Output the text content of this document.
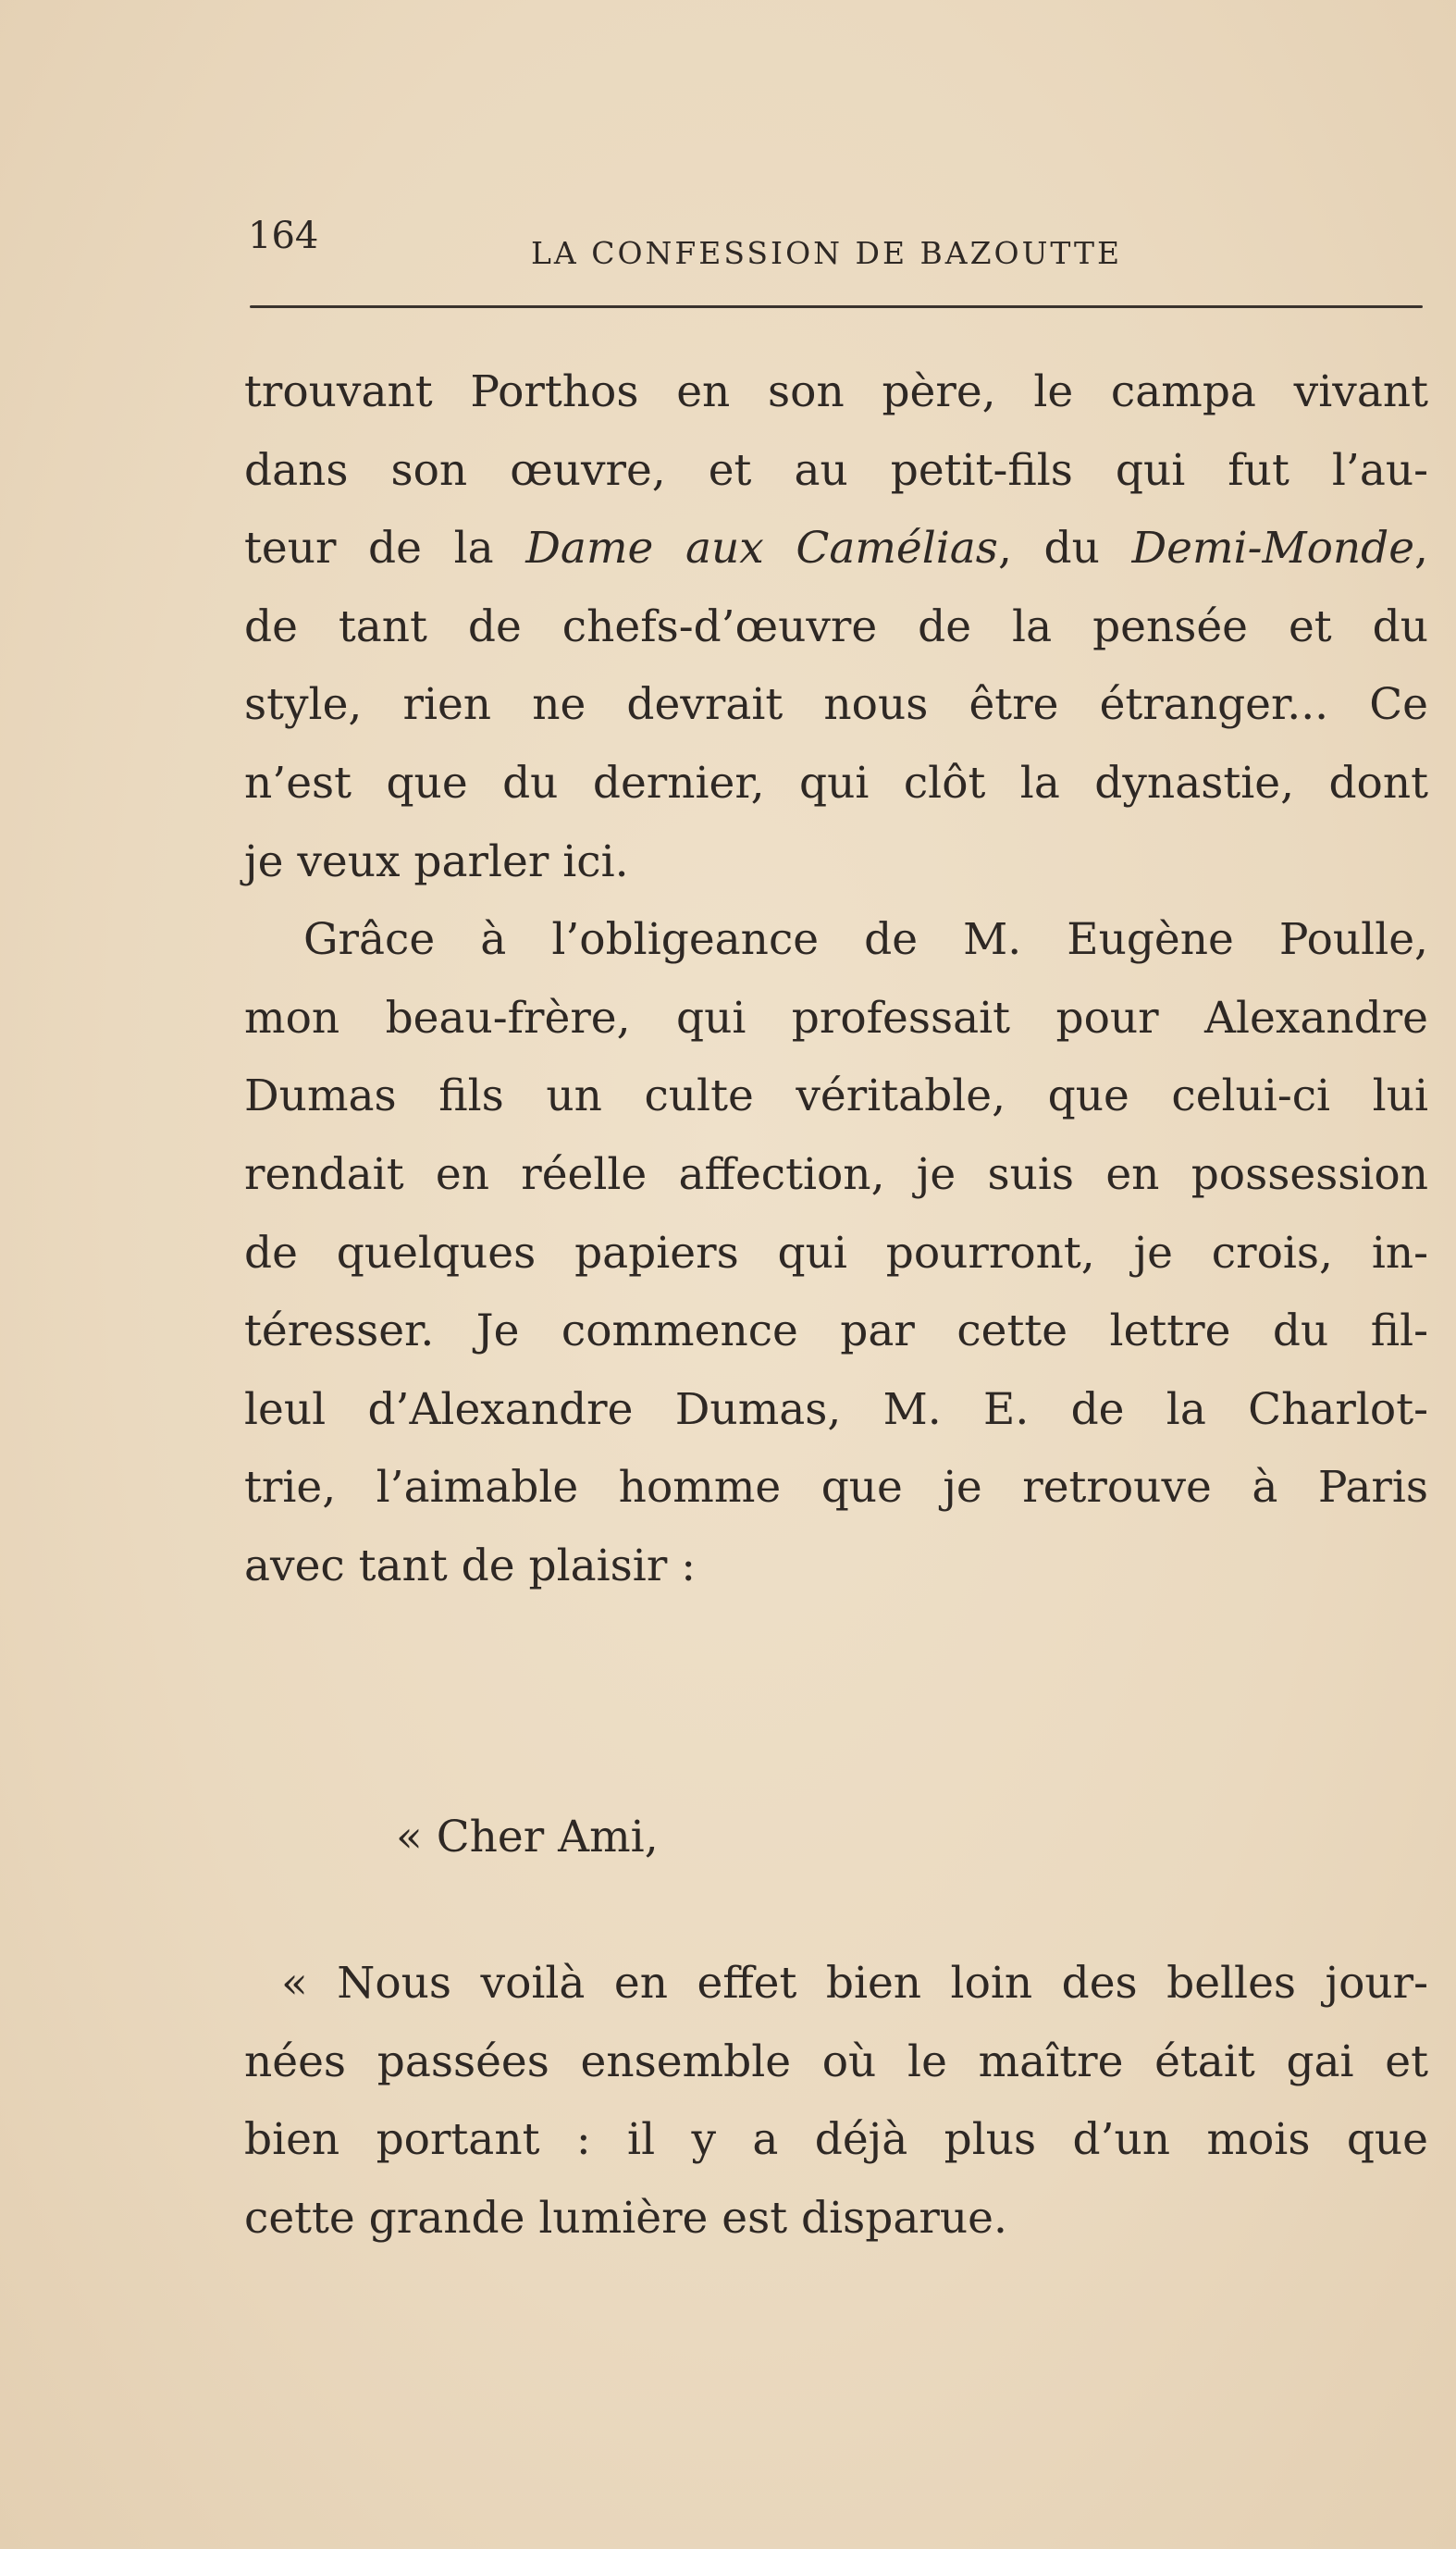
164	LA CONFESSION DE BAZOUTTE
trouvant Porthos en son père, le campa vivant
dans son œuvre, et au petit-fils qui fut l’au-
teur de la Dame aux Camélias, du Demi-Monde,
de tant de chefs-d’œuvre de la pensée et du
style, rien ne devrait nous être étranger... Ce
n’est que du dernier, qui clôt la dynastie, dont
je veux parler ici.
Grâce à l’obligeance de M. Eugène Poulle,
mon beau-frère, qui professait pour Alexandre
Dumas fils un culte véritable, que celui-ci lui
rendait en réelle affection, je suis en possession
de quelques papiers qui pourront, je crois, in-
téresser. Je commence par cette lettre du fil-
leul d’Alexandre Dumas, M. E. de la Charlot-
trie, l’aimable homme que je retrouve à Paris
avec tant de plaisir :
« Cher Ami,
« Nous voilà en effet bien loin des belles jour-
nées passées ensemble où le maître était gai et
bien portant : il y a déjà plus d’un mois que
cette grande lumière est disparue.
